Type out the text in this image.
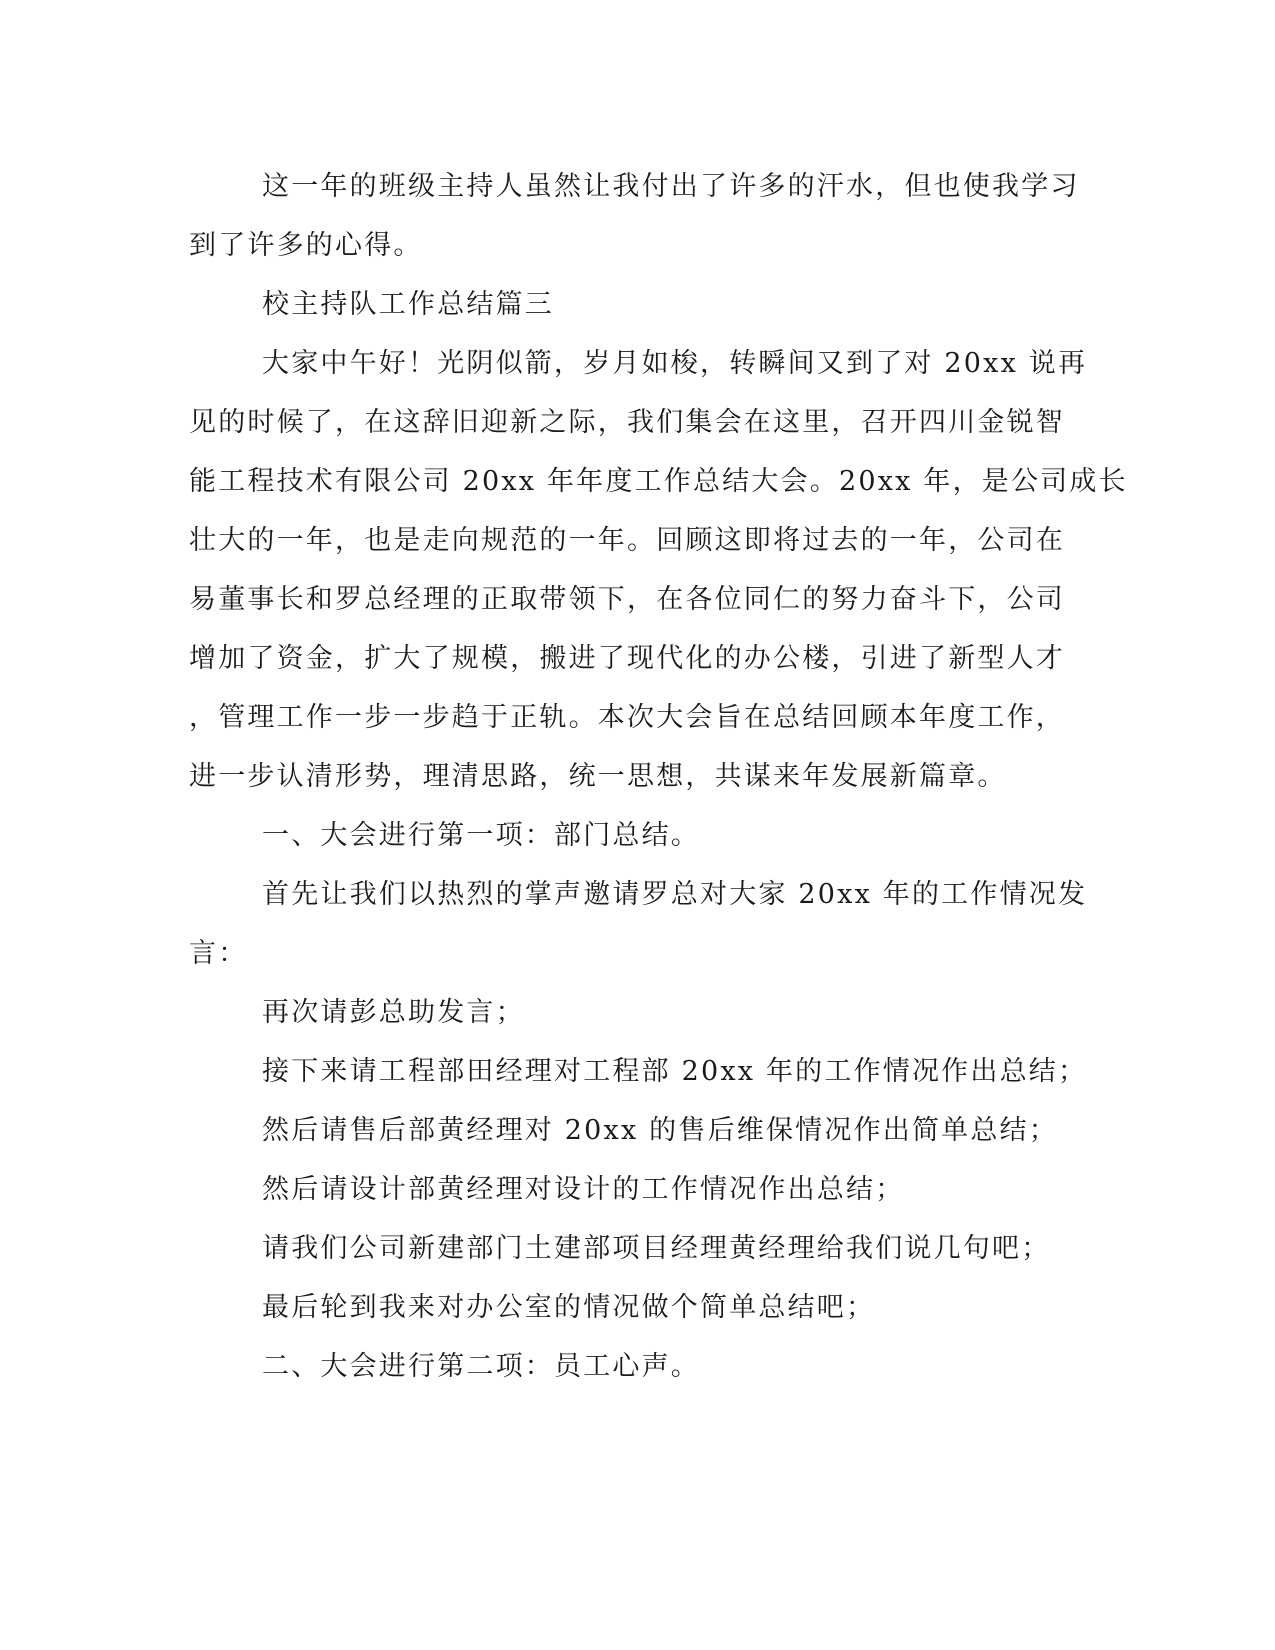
这一年的班级主持人虽然让我付出了许多的汗水，但也使我学习
到了许多的心得。
校主持队工作总结篇三
大家中午好！光阴似箭，岁月如梭，转瞬间又到了对 20xx 说再
见的时候了，在这辞旧迎新之际，我们集会在这里，召开四川金锐智
能工程技术有限公司 20xx 年年度工作总结大会。20xx 年，是公司成长
壮大的一年，也是走向规范的一年。回顾这即将过去的一年，公司在
易董事长和罗总经理的正取带领下，在各位同仁的努力奋斗下，公司
增加了资金，扩大了规模，搬进了现代化的办公楼，引进了新型人才
，管理工作一步一步趋于正轨。本次大会旨在总结回顾本年度工作，
进一步认清形势，理清思路，统一思想，共谋来年发展新篇章。
一、大会进行第一项：部门总结。
首先让我们以热烈的掌声邀请罗总对大家 20xx 年的工作情况发
言：
再次请彭总助发言；
接下来请工程部田经理对工程部 20xx 年的工作情况作出总结；
然后请售后部黄经理对 20xx 的售后维保情况作出简单总结；
然后请设计部黄经理对设计的工作情况作出总结；
请我们公司新建部门土建部项目经理黄经理给我们说几句吧；
最后轮到我来对办公室的情况做个简单总结吧；
二、大会进行第二项：员工心声。
